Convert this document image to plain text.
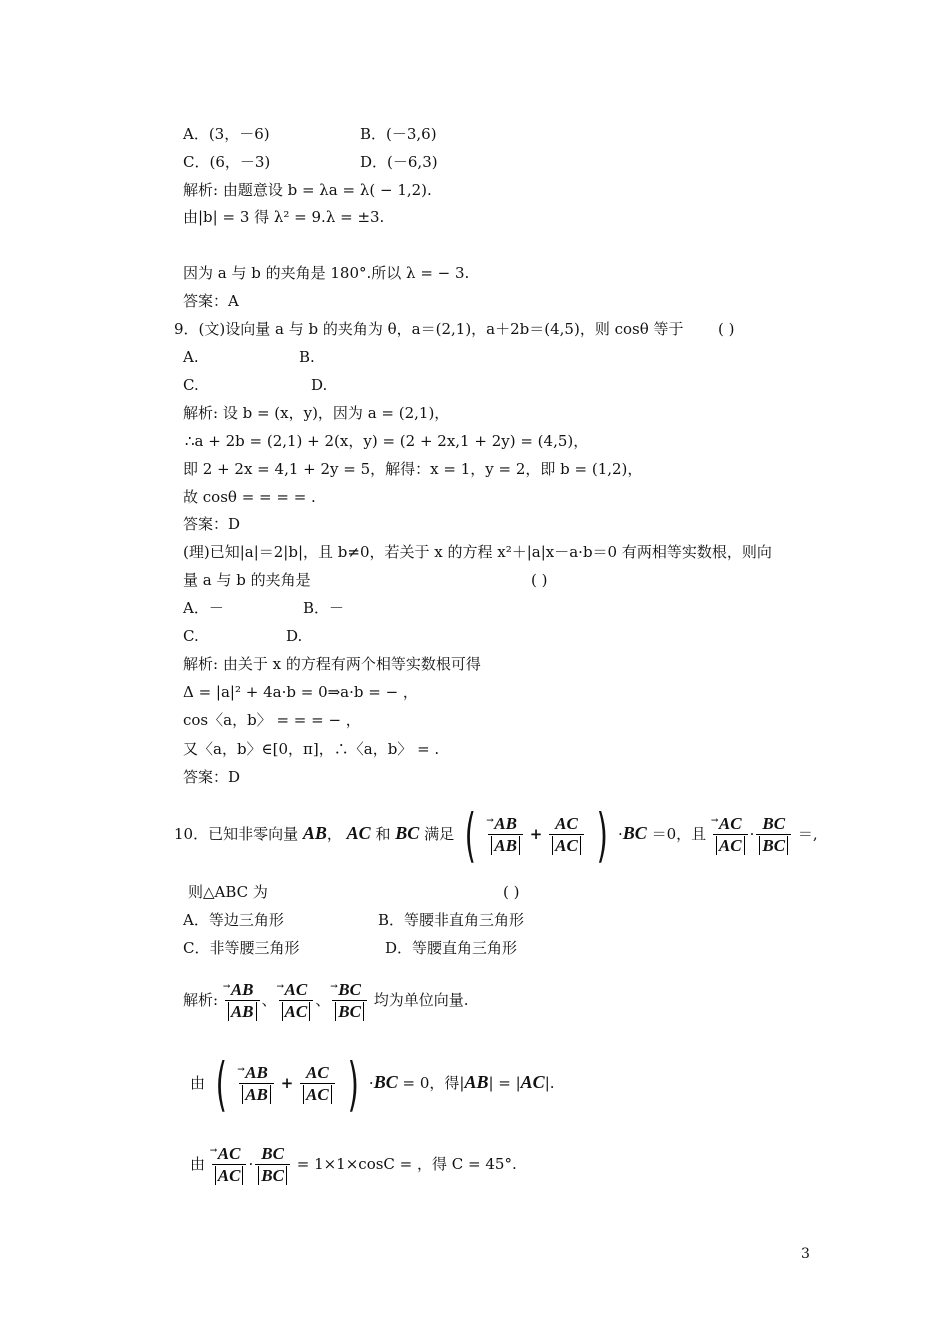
A．(3，－6)	B．(－3,6)
C．(6，－3)	D．(－6,3)
解析: 由题意设 b = λa = λ( − 1,2).
由|b| = 3 得 λ² = 9.λ = ±3.
因为 a 与 b 的夹角是 180°.所以 λ = − 3.
答案：A
9．(文)设向量 a 与 b 的夹角为 θ，a＝(2,1)，a＋2b＝(4,5)，则 cosθ 等于 ( )
A.	B.
C.	D.
解析: 设 b = (x，y)，因为 a = (2,1)，
∴a + 2b = (2,1) + 2(x，y) = (2 + 2x,1 + 2y) = (4,5)，
即 2 + 2x = 4,1 + 2y = 5，解得：x = 1，y = 2，即 b = (1,2)，
故 cosθ = = = = .
答案：D
(理)已知|a|＝2|b|，且 b≠0，若关于 x 的方程 x²＋|a|x－a·b＝0 有两相等实数根，则向
量 a 与 b 的夹角是	( )
A．－	B．－
C.	D.
解析: 由关于 x 的方程有两个相等实数根可得
Δ = |a|² + 4a·b = 0⇒a·b = − ，
cos〈a，b〉 = = = − ，
又〈a，b〉∈[0，π]，∴〈a，b〉 = .
答案：D
10．已知非零向量 AB， AC 和 BC 满足 ( → AB
AB
+ $\frac{AC}{AC}$ ) ·BC ＝0，且
→ AC
AC
· $\frac{BC}{BC}$ ＝,
则△ABC 为	( )
A．等边三角形	B．等腰非直角三角形
C．非等腰三角形	D．等腰直角三角形
解析:
→ AB
AB
、
→ AC
AC
、
→ BC
BC
均为单位向量.
由 ( → AB
AB
+ $\frac{AC}{AC}$ ) ·BC = 0，得|AB| = |AC|.
由
→ AC
AC
· $\frac{BC}{BC} = 1\times 1\times\cos C$ = ，得 C = 45°.
3
